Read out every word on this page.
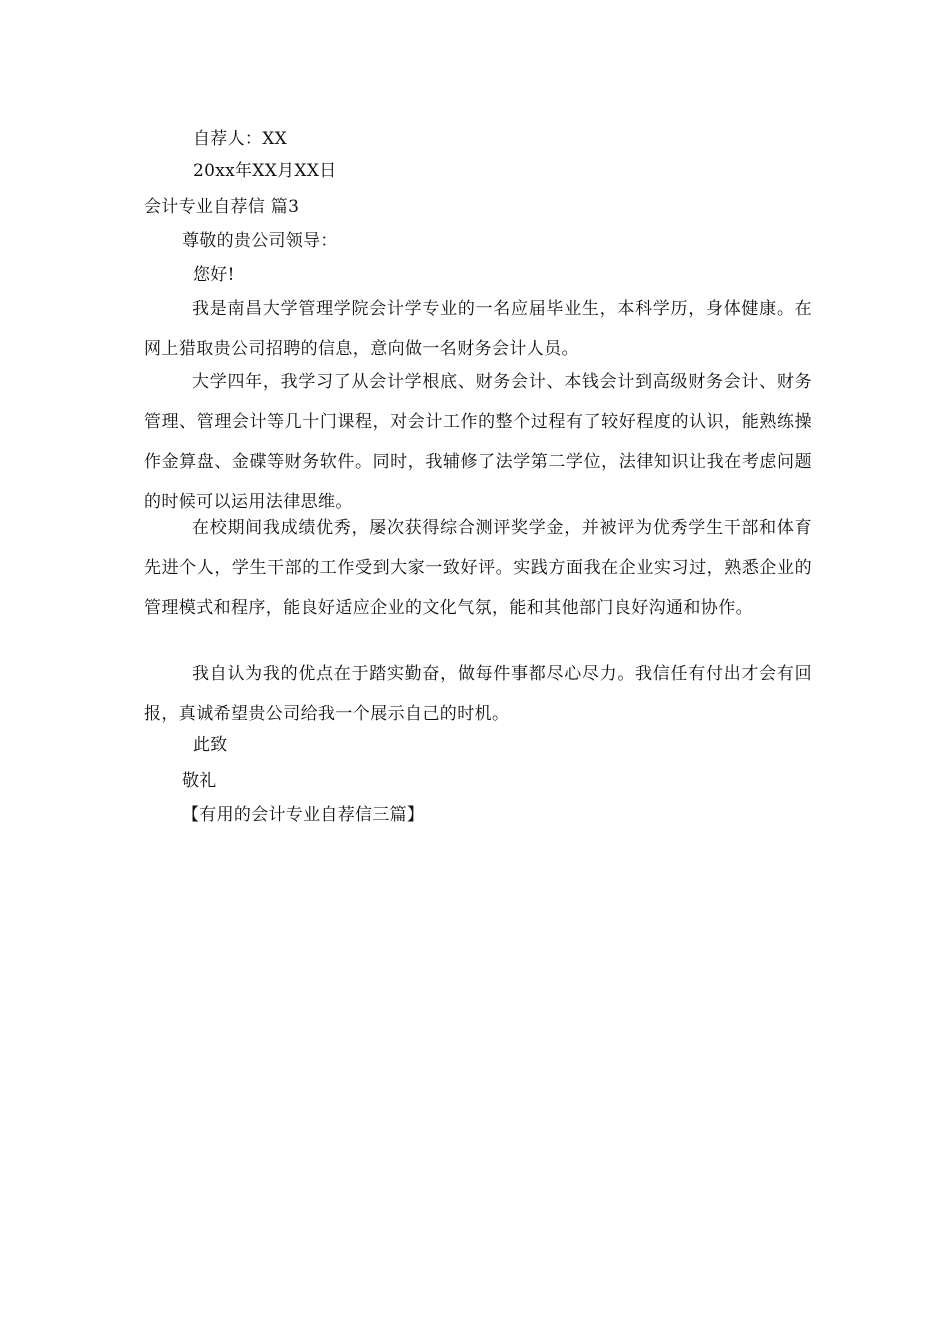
自荐人：XX
20xx年XX月XX日
会计专业自荐信 篇3
尊敬的贵公司领导：
您好!

我是南昌大学管理学院会计学专业的一名应届毕业生，本科学历，身体健康。在网上猎取贵公司招聘的信息，意向做一名财务会计人员。

大学四年，我学习了从会计学根底、财务会计、本钱会计到高级财务会计、财务管理、管理会计等几十门课程，对会计工作的整个过程有了较好程度的认识，能熟练操作金算盘、金碟等财务软件。同时，我辅修了法学第二学位，法律知识让我在考虑问题的时候可以运用法律思维。

在校期间我成绩优秀，屡次获得综合测评奖学金，并被评为优秀学生干部和体育先进个人，学生干部的工作受到大家一致好评。实践方面我在企业实习过，熟悉企业的管理模式和程序，能良好适应企业的文化气氛，能和其他部门良好沟通和协作。

我自认为我的优点在于踏实勤奋，做每件事都尽心尽力。我信任有付出才会有回报，真诚希望贵公司给我一个展示自己的时机。

此致
敬礼
【有用的会计专业自荐信三篇】
